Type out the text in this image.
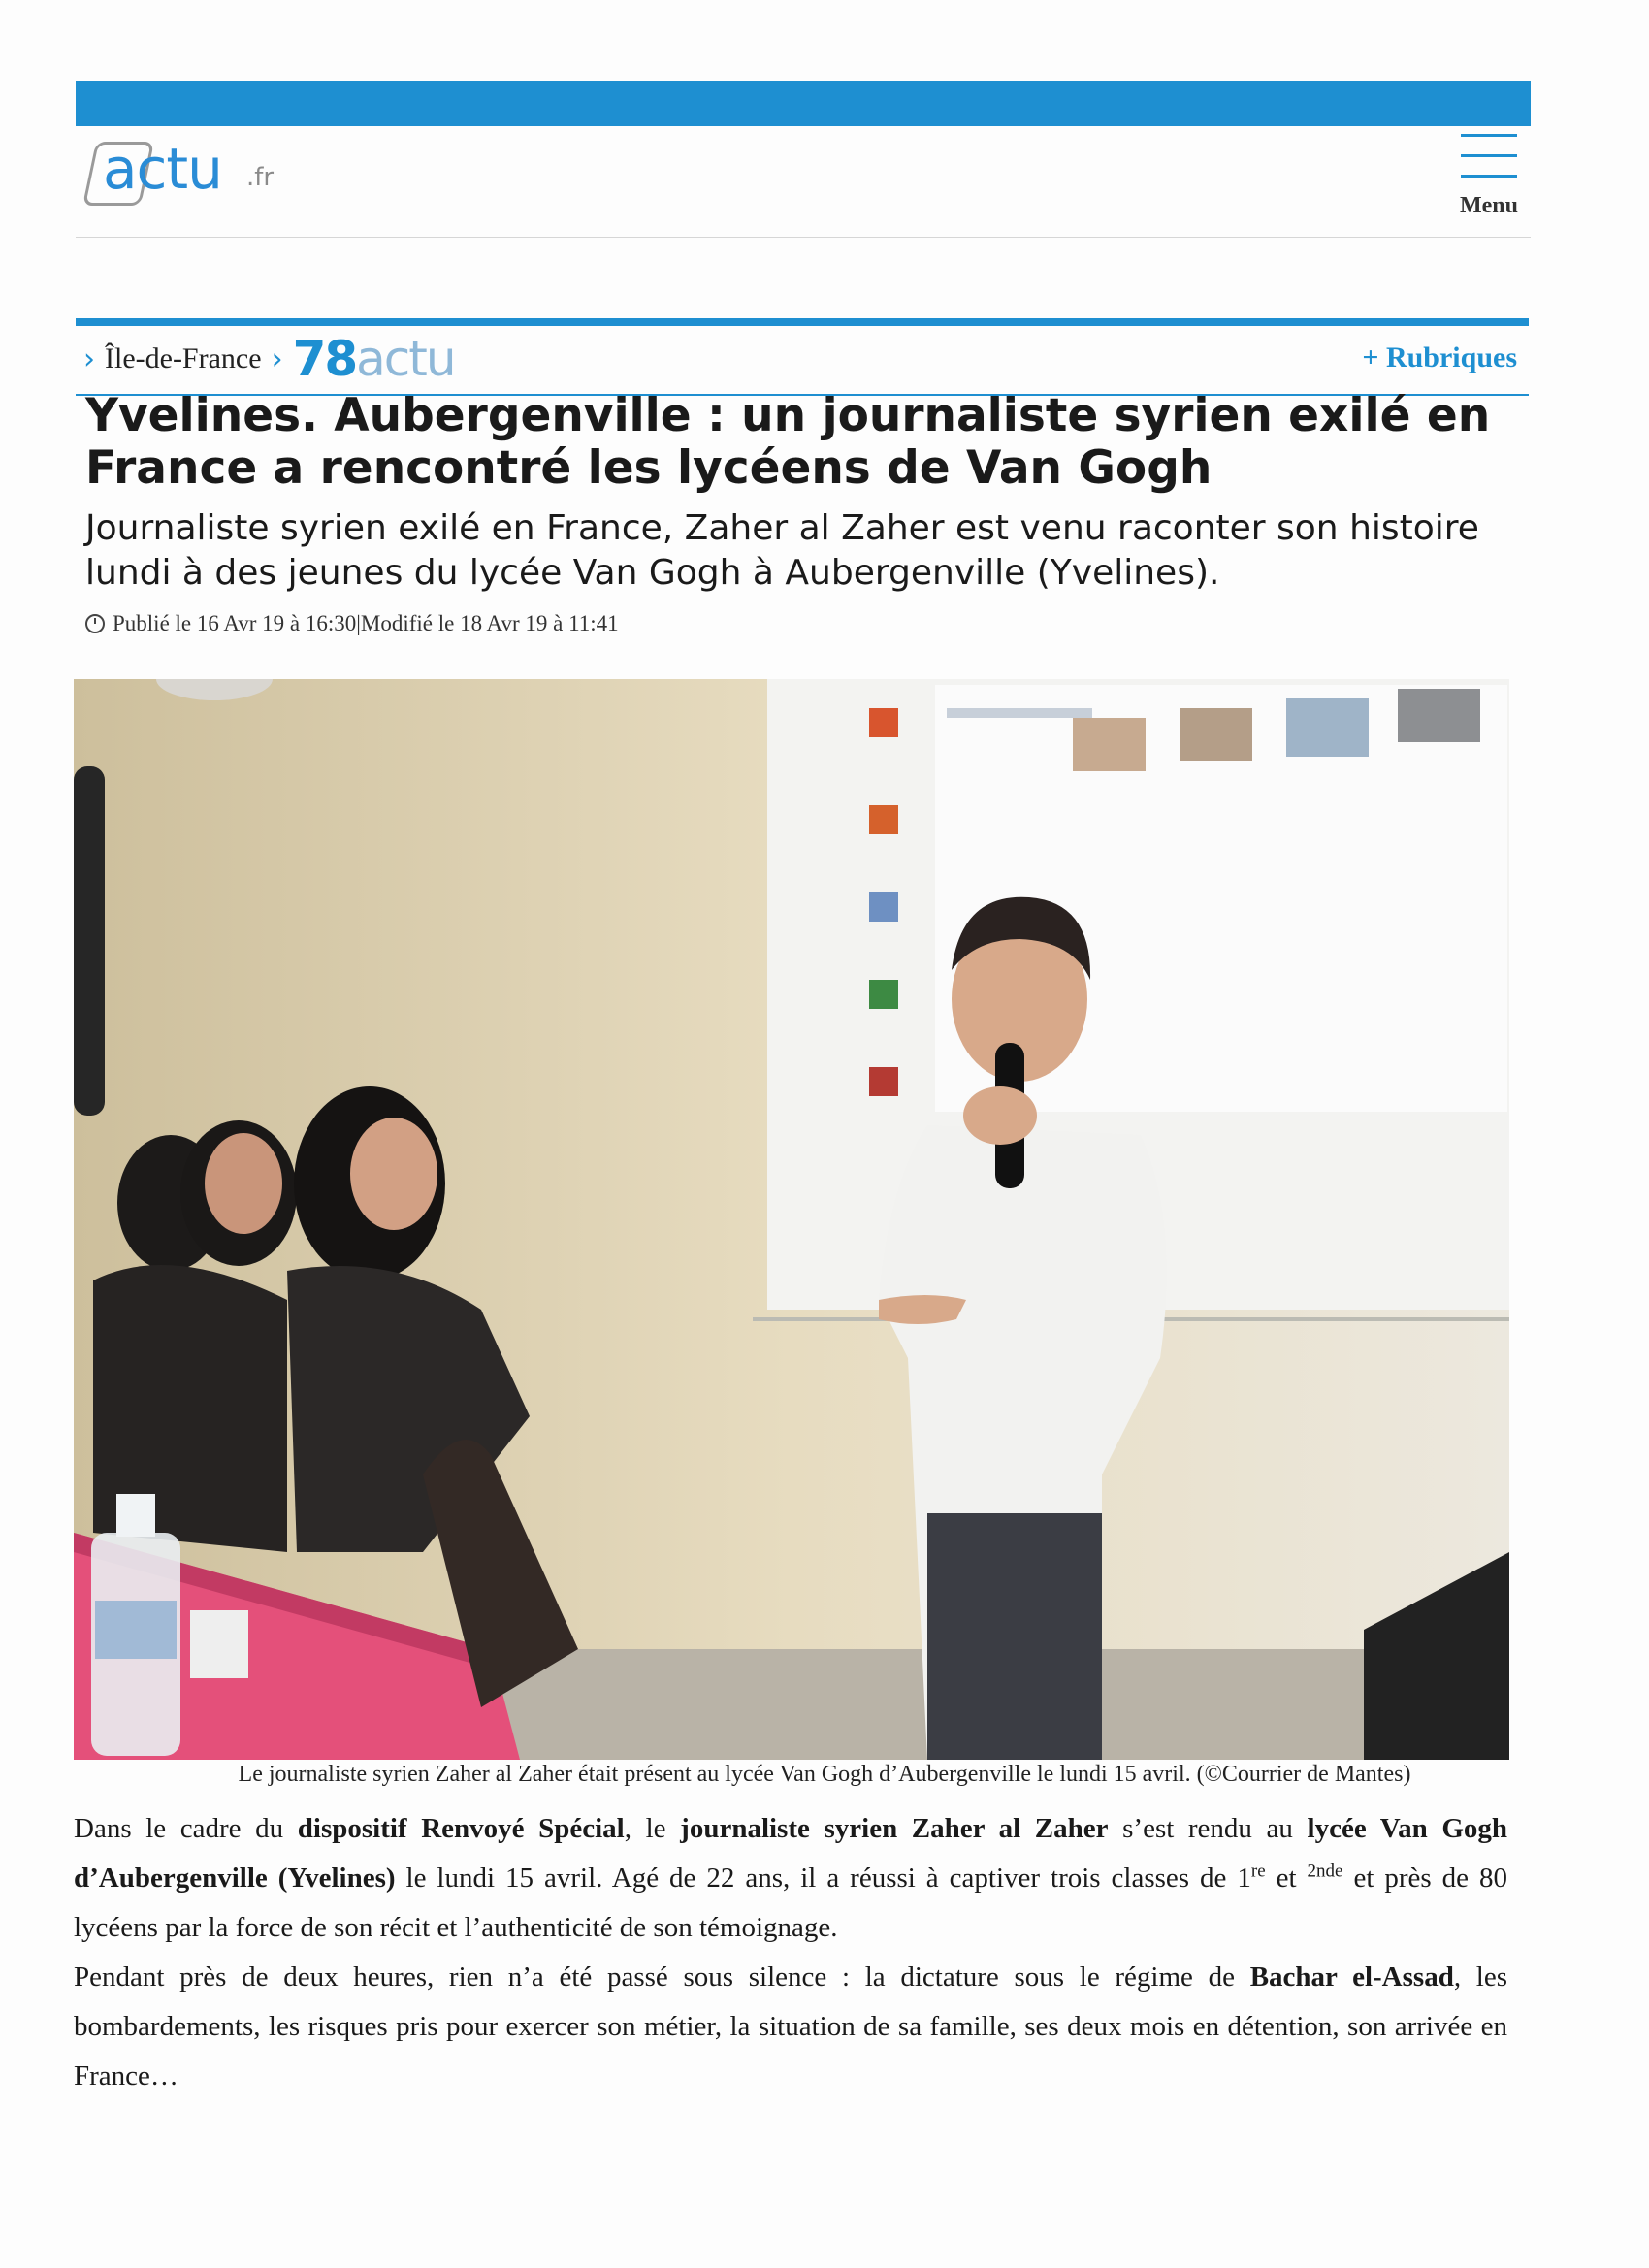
actu .fr
Menu
› Île-de-France › 78actu	+ Rubriques
Yvelines. Aubergenville : un journaliste syrien exilé en France a rencontré les lycéens de Van Gogh

Journaliste syrien exilé en France, Zaher al Zaher est venu raconter son histoire lundi à des jeunes du lycée Van Gogh à Aubergenville (Yvelines).

Publié le 16 Avr 19 à 16:30|Modifié le 18 Avr 19 à 11:41
Le journaliste syrien Zaher al Zaher était présent au lycée Van Gogh d’Aubergenville le lundi 15 avril. (©Courrier de Mantes)

Dans le cadre du dispositif Renvoyé Spécial, le journaliste syrien Zaher al Zaher s’est rendu au lycée Van Gogh d’Aubergenville (Yvelines) le lundi 15 avril. Agé de 22 ans, il a réussi à captiver trois classes de 1re et $^{2nde}$ et près de 80 lycéens par la force de son récit et l’authenticité de son témoignage.

Pendant près de deux heures, rien n’a été passé sous silence : la dictature sous le régime de Bachar el-Assad, les bombardements, les risques pris pour exercer son métier, la situation de sa famille, ses deux mois en détention, son arrivée en France…
